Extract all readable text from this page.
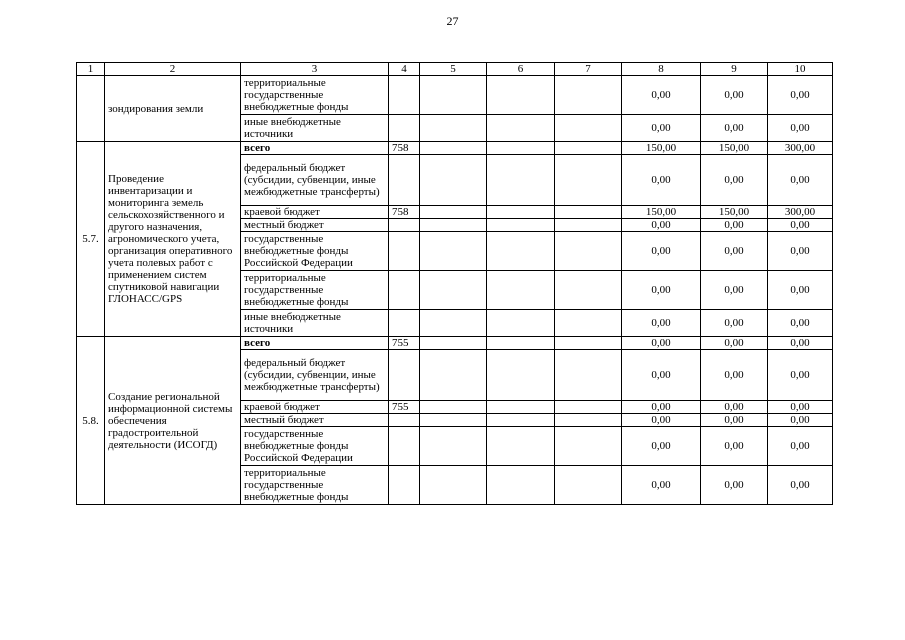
27
1	2	3	4	5	6	7	8	9	10
	зондирования земли	территориальные государственные внебюджетные фонды					0,00	0,00	0,00
		иные внебюджетные источники					0,00	0,00	0,00
5.7.	Проведение инвентаризации и мониторинга земель сельскохозяйственного и другого назначения, агрономического учета, организация оперативного учета полевых работ с применением систем спутниковой навигации ГЛОНАСС/GPS	всего	758				150,00	150,00	300,00
		федеральный бюджет (субсидии, субвенции, иные межбюджетные трансферты)					0,00	0,00	0,00
		краевой бюджет	758				150,00	150,00	300,00
		местный бюджет					0,00	0,00	0,00
		государственные внебюджетные фонды Российской Федерации					0,00	0,00	0,00
		территориальные государственные внебюджетные фонды					0,00	0,00	0,00
		иные внебюджетные источники					0,00	0,00	0,00
5.8.	Создание региональной информационной системы обеспечения градостроительной деятельности (ИСОГД)	всего	755				0,00	0,00	0,00
		федеральный бюджет (субсидии, субвенции, иные межбюджетные трансферты)					0,00	0,00	0,00
		краевой бюджет	755				0,00	0,00	0,00
		местный бюджет					0,00	0,00	0,00
		государственные внебюджетные фонды Российской Федерации					0,00	0,00	0,00
		территориальные государственные внебюджетные фонды					0,00	0,00	0,00
